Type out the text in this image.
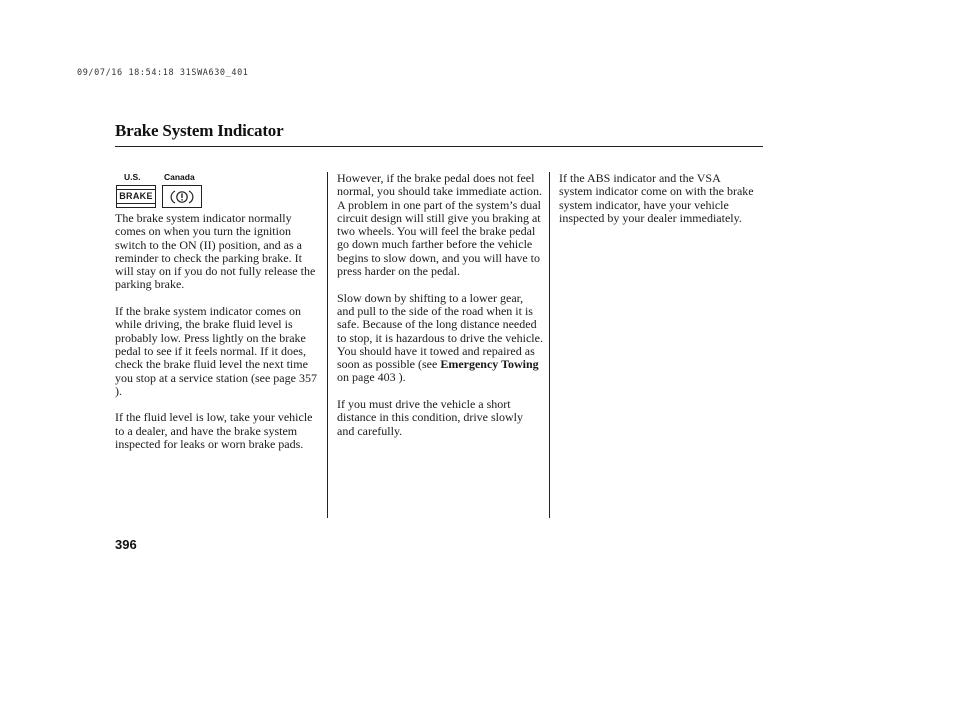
09/07/16 18:54:18 31SWA630_401
Brake System Indicator
U.S.	Canada
BRAKE

The brake system indicator normally comes on when you turn the ignition switch to the ON (II) position, and as a reminder to check the parking brake. It will stay on if you do not fully release the parking brake.

If the brake system indicator comes on while driving, the brake fluid level is probably low. Press lightly on the brake pedal to see if it feels normal. If it does, check the brake fluid level the next time you stop at a service station (see page 357 ).

If the fluid level is low, take your vehicle to a dealer, and have the brake system inspected for leaks or worn brake pads.

However, if the brake pedal does not feel normal, you should take immediate action. A problem in one part of the system’s dual circuit design will still give you braking at two wheels. You will feel the brake pedal go down much farther before the vehicle begins to slow down, and you will have to press harder on the pedal.

Slow down by shifting to a lower gear, and pull to the side of the road when it is safe. Because of the long distance needed to stop, it is hazardous to drive the vehicle. You should have it towed and repaired as soon as possible (see Emergency Towing on page 403 ).

If you must drive the vehicle a short distance in this condition, drive slowly and carefully.

If the ABS indicator and the VSA system indicator come on with the brake system indicator, have your vehicle inspected by your dealer immediately.

396
